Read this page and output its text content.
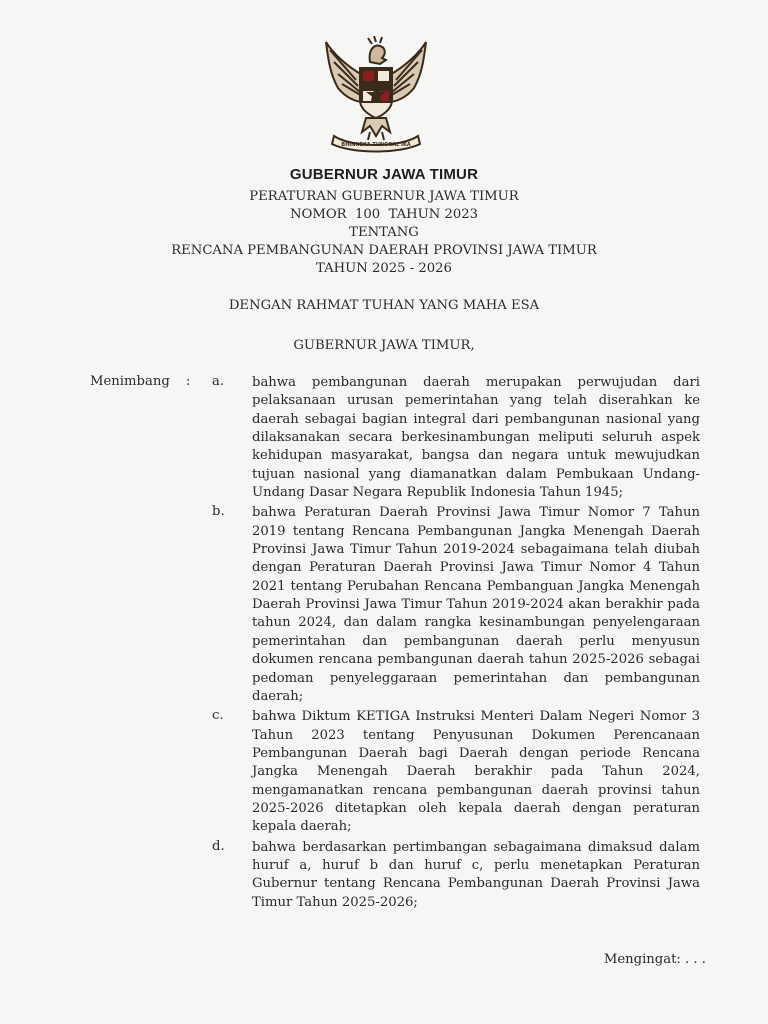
BHINNEKA TUNGGAL IKA
GUBERNUR JAWA TIMUR
PERATURAN GUBERNUR JAWA TIMUR
NOMOR  100  TAHUN 2023
TENTANG
RENCANA PEMBANGUNAN DAERAH PROVINSI JAWA TIMUR
TAHUN 2025 - 2026
DENGAN RAHMAT TUHAN YANG MAHA ESA
GUBERNUR JAWA TIMUR,
Menimbang : a. bahwa pembangunan daerah merupakan perwujudan dari pelaksanaan urusan pemerintahan yang telah diserahkan ke daerah sebagai bagian integral dari pembangunan nasional yang dilaksanakan secara berkesinambungan meliputi seluruh aspek kehidupan masyarakat, bangsa dan negara untuk mewujudkan tujuan nasional yang diamanatkan dalam Pembukaan Undang-Undang Dasar Negara Republik Indonesia Tahun 1945;
b. bahwa Peraturan Daerah Provinsi Jawa Timur Nomor 7 Tahun 2019 tentang Rencana Pembangunan Jangka Menengah Daerah Provinsi Jawa Timur Tahun 2019-2024 sebagaimana telah diubah dengan Peraturan Daerah Provinsi Jawa Timur Nomor 4 Tahun 2021 tentang Perubahan Rencana Pembanguan Jangka Menengah Daerah Provinsi Jawa Timur Tahun 2019-2024 akan berakhir pada tahun 2024, dan dalam rangka kesinambungan penyelengaraan pemerintahan dan pembangunan daerah perlu menyusun dokumen rencana pembangunan daerah tahun 2025-2026 sebagai pedoman penyeleggaraan pemerintahan dan pembangunan daerah;
c. bahwa Diktum KETIGA Instruksi Menteri Dalam Negeri Nomor 3 Tahun 2023 tentang Penyusunan Dokumen Perencanaan Pembangunan Daerah bagi Daerah dengan periode Rencana Jangka Menengah Daerah berakhir pada Tahun 2024, mengamanatkan rencana pembangunan daerah provinsi tahun 2025-2026 ditetapkan oleh kepala daerah dengan peraturan kepala daerah;
d. bahwa berdasarkan pertimbangan sebagaimana dimaksud dalam huruf a, huruf b dan huruf c, perlu menetapkan Peraturan Gubernur tentang Rencana Pembangunan Daerah Provinsi Jawa Timur Tahun 2025-2026;
Mengingat: . . .
